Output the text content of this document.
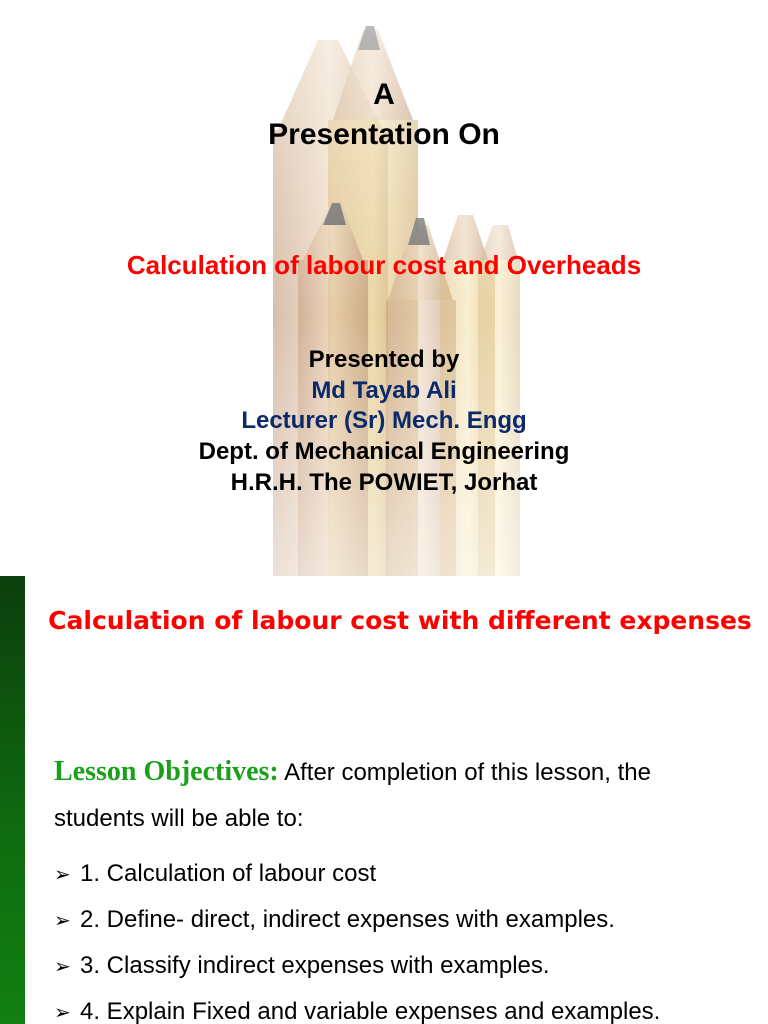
A
Presentation On
Calculation of labour cost and Overheads
Presented by
Md Tayab Ali
Lecturer (Sr) Mech. Engg
Dept. of Mechanical Engineering
H.R.H. The POWIET, Jorhat
Calculation of labour cost with different expenses
Lesson Objectives: After completion of this lesson, the
students will be able to:
➢ 1. Calculation of labour cost
➢ 2. Define- direct, indirect expenses with examples.
➢ 3. Classify indirect expenses with examples.
➢ 4. Explain Fixed and variable expenses and examples.
